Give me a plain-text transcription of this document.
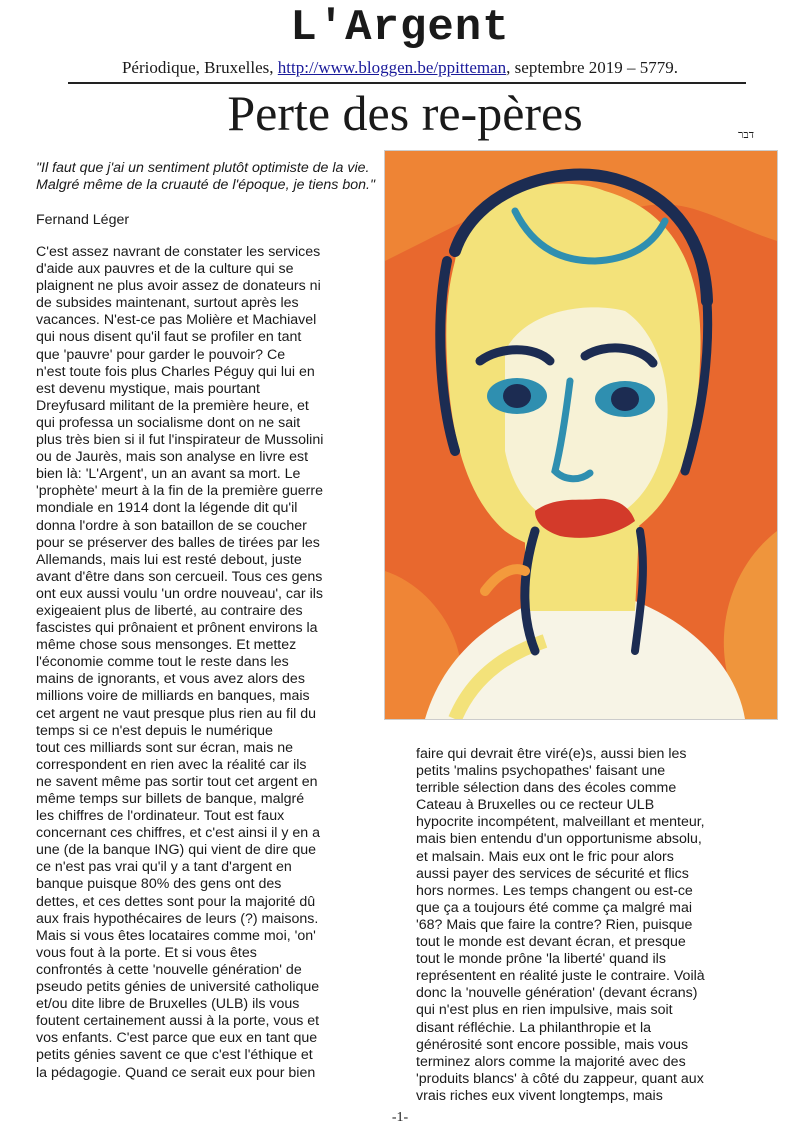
L'Argent
Périodique, Bruxelles, http://www.bloggen.be/ppitteman, septembre 2019 – 5779.
Perte des re-pères	דבר
"Il faut que j'ai un sentiment plutôt optimiste de la vie. Malgré même de la cruauté de l'époque, je tiens bon."
Fernand Léger
C'est assez navrant de constater les services
d'aide aux pauvres et de la culture qui se
plaignent ne plus avoir assez de donateurs ni
de subsides maintenant, surtout après les
vacances. N'est-ce pas Molière et Machiavel
qui nous disent qu'il faut se profiler en tant
que 'pauvre' pour garder le pouvoir? Ce
n'est toute fois plus Charles Péguy qui lui en
est devenu mystique, mais pourtant
Dreyfusard militant de la première heure, et
qui professa un socialisme dont on ne sait
plus très bien si il fut l'inspirateur de Mussolini
ou de Jaurès, mais son analyse en livre est
bien là: 'L'Argent', un an avant sa mort. Le
'prophète' meurt à la fin de la première guerre
mondiale en 1914 dont la légende dit qu'il
donna l'ordre à son bataillon de se coucher
pour se préserver des balles de tirées par les
Allemands, mais lui est resté debout, juste
avant d'être dans son cercueil. Tous ces gens
ont eux aussi voulu 'un ordre nouveau', car ils
exigeaient plus de liberté, au contraire des
fascistes qui prônaient et prônent environs la
même chose sous mensonges. Et mettez
l'économie comme tout le reste dans les
mains de ignorants, et vous avez alors des
millions voire de milliards en banques, mais
cet argent ne vaut presque plus rien au fil du
temps si ce n'est depuis le numérique
tout ces milliards sont sur écran, mais ne
correspondent en rien avec la réalité car ils
ne savent même pas sortir tout cet argent en
même temps sur billets de banque, malgré
les chiffres de l'ordinateur. Tout est faux
concernant ces chiffres, et c'est ainsi il y en a
une (de la banque ING) qui vient de dire que
ce n'est pas vrai qu'il y a tant d'argent en
banque puisque 80% des gens ont des
dettes, et ces dettes sont pour la majorité dû
aux frais hypothécaires de leurs (?) maisons.
Mais si vous êtes locataires comme moi, 'on'
vous fout à la porte. Et si vous êtes
confrontés à cette 'nouvelle génération' de
pseudo petits génies de université catholique
et/ou dite libre de Bruxelles (ULB) ils vous
foutent certainement aussi à la porte, vous et
vos enfants. C'est parce que eux en tant que
petits génies savent ce que c'est l'éthique et
la pédagogie. Quand ce serait eux pour bien
faire qui devrait être viré(e)s, aussi bien les
petits 'malins psychopathes' faisant une
terrible sélection dans des écoles comme
Cateau à Bruxelles ou ce recteur ULB
hypocrite incompétent, malveillant et menteur,
mais bien entendu d'un opportunisme absolu,
et malsain. Mais eux ont le fric pour alors
aussi payer des services de sécurité et flics
hors normes. Les temps changent ou est-ce
que ça a toujours été comme ça malgré mai
'68? Mais que faire la contre? Rien, puisque
tout le monde est devant écran, et presque
tout le monde prône 'la liberté' quand ils
représentent en réalité juste le contraire. Voilà
donc la 'nouvelle génération' (devant écrans)
qui n'est plus en rien impulsive, mais soit
disant réfléchie. La philanthropie et la
générosité sont encore possible, mais vous
terminez alors comme la majorité avec des
'produits blancs' à côté du zappeur, quant aux
vrais riches eux vivent longtemps, mais
-1-
